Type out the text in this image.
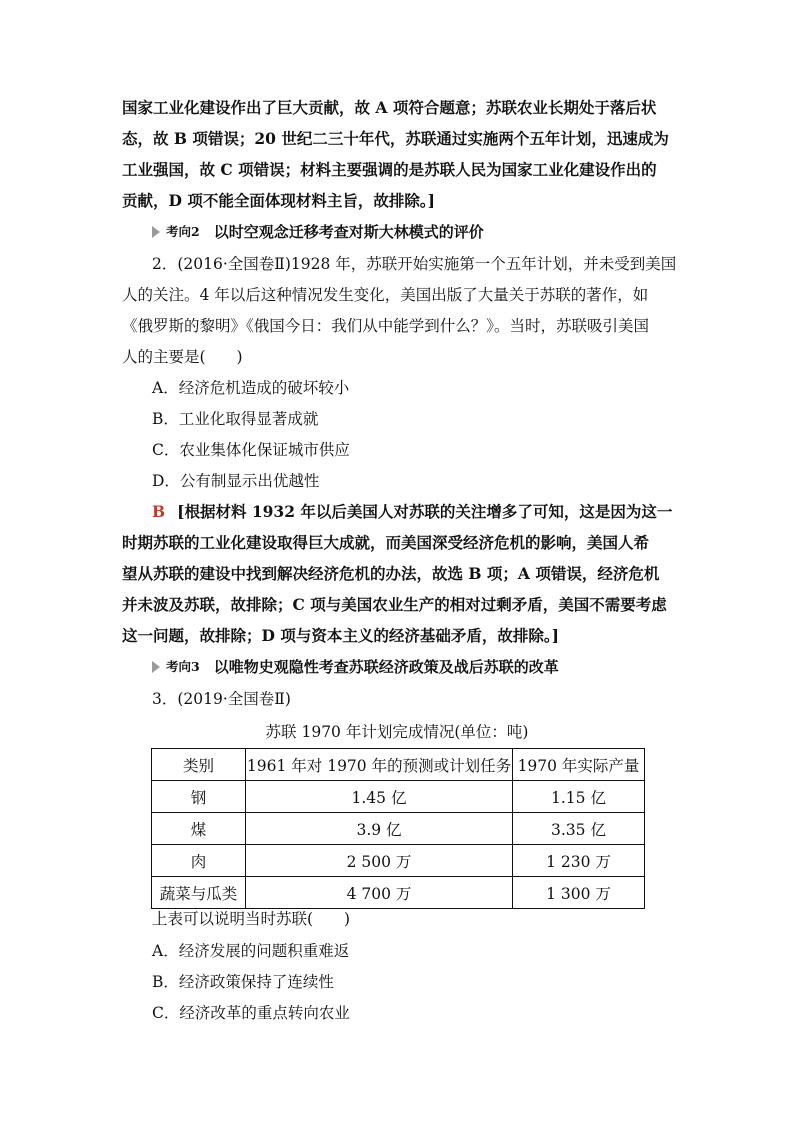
国家工业化建设作出了巨大贡献，故 A 项符合题意；苏联农业长期处于落后状
态，故 B 项错误；20 世纪二三十年代，苏联通过实施两个五年计划，迅速成为
工业强国，故 C 项错误；材料主要强调的是苏联人民为国家工业化建设作出的
贡献，D 项不能全面体现材料主旨，故排除。]
考向2 以时空观念迁移考查对斯大林模式的评价
2．(2016·全国卷Ⅱ)1928 年，苏联开始实施第一个五年计划，并未受到美国
人的关注。4 年以后这种情况发生变化，美国出版了大量关于苏联的著作，如
《俄罗斯的黎明》《俄国今日：我们从中能学到什么？》。当时，苏联吸引美国
人的主要是(　　)
A．经济危机造成的破坏较小
B．工业化取得显著成就
C．农业集体化保证城市供应
D．公有制显示出优越性
B [根据材料 1932 年以后美国人对苏联的关注增多了可知，这是因为这一
时期苏联的工业化建设取得巨大成就，而美国深受经济危机的影响，美国人希
望从苏联的建设中找到解决经济危机的办法，故选 B 项；A 项错误，经济危机
并未波及苏联，故排除；C 项与美国农业生产的相对过剩矛盾，美国不需要考虑
这一问题，故排除；D 项与资本主义的经济基础矛盾，故排除。]
考向3 以唯物史观隐性考查苏联经济政策及战后苏联的改革
3．(2019·全国卷Ⅱ)
苏联 1970 年计划完成情况(单位：吨)
类别	1961 年对 1970 年的预测或计划任务	1970 年实际产量
钢	1.45 亿	1.15 亿
煤	3.9 亿	3.35 亿
肉	2 500 万	1 230 万
蔬菜与瓜类	4 700 万	1 300 万
上表可以说明当时苏联(　　)
A．经济发展的问题积重难返
B．经济政策保持了连续性
C．经济改革的重点转向农业
